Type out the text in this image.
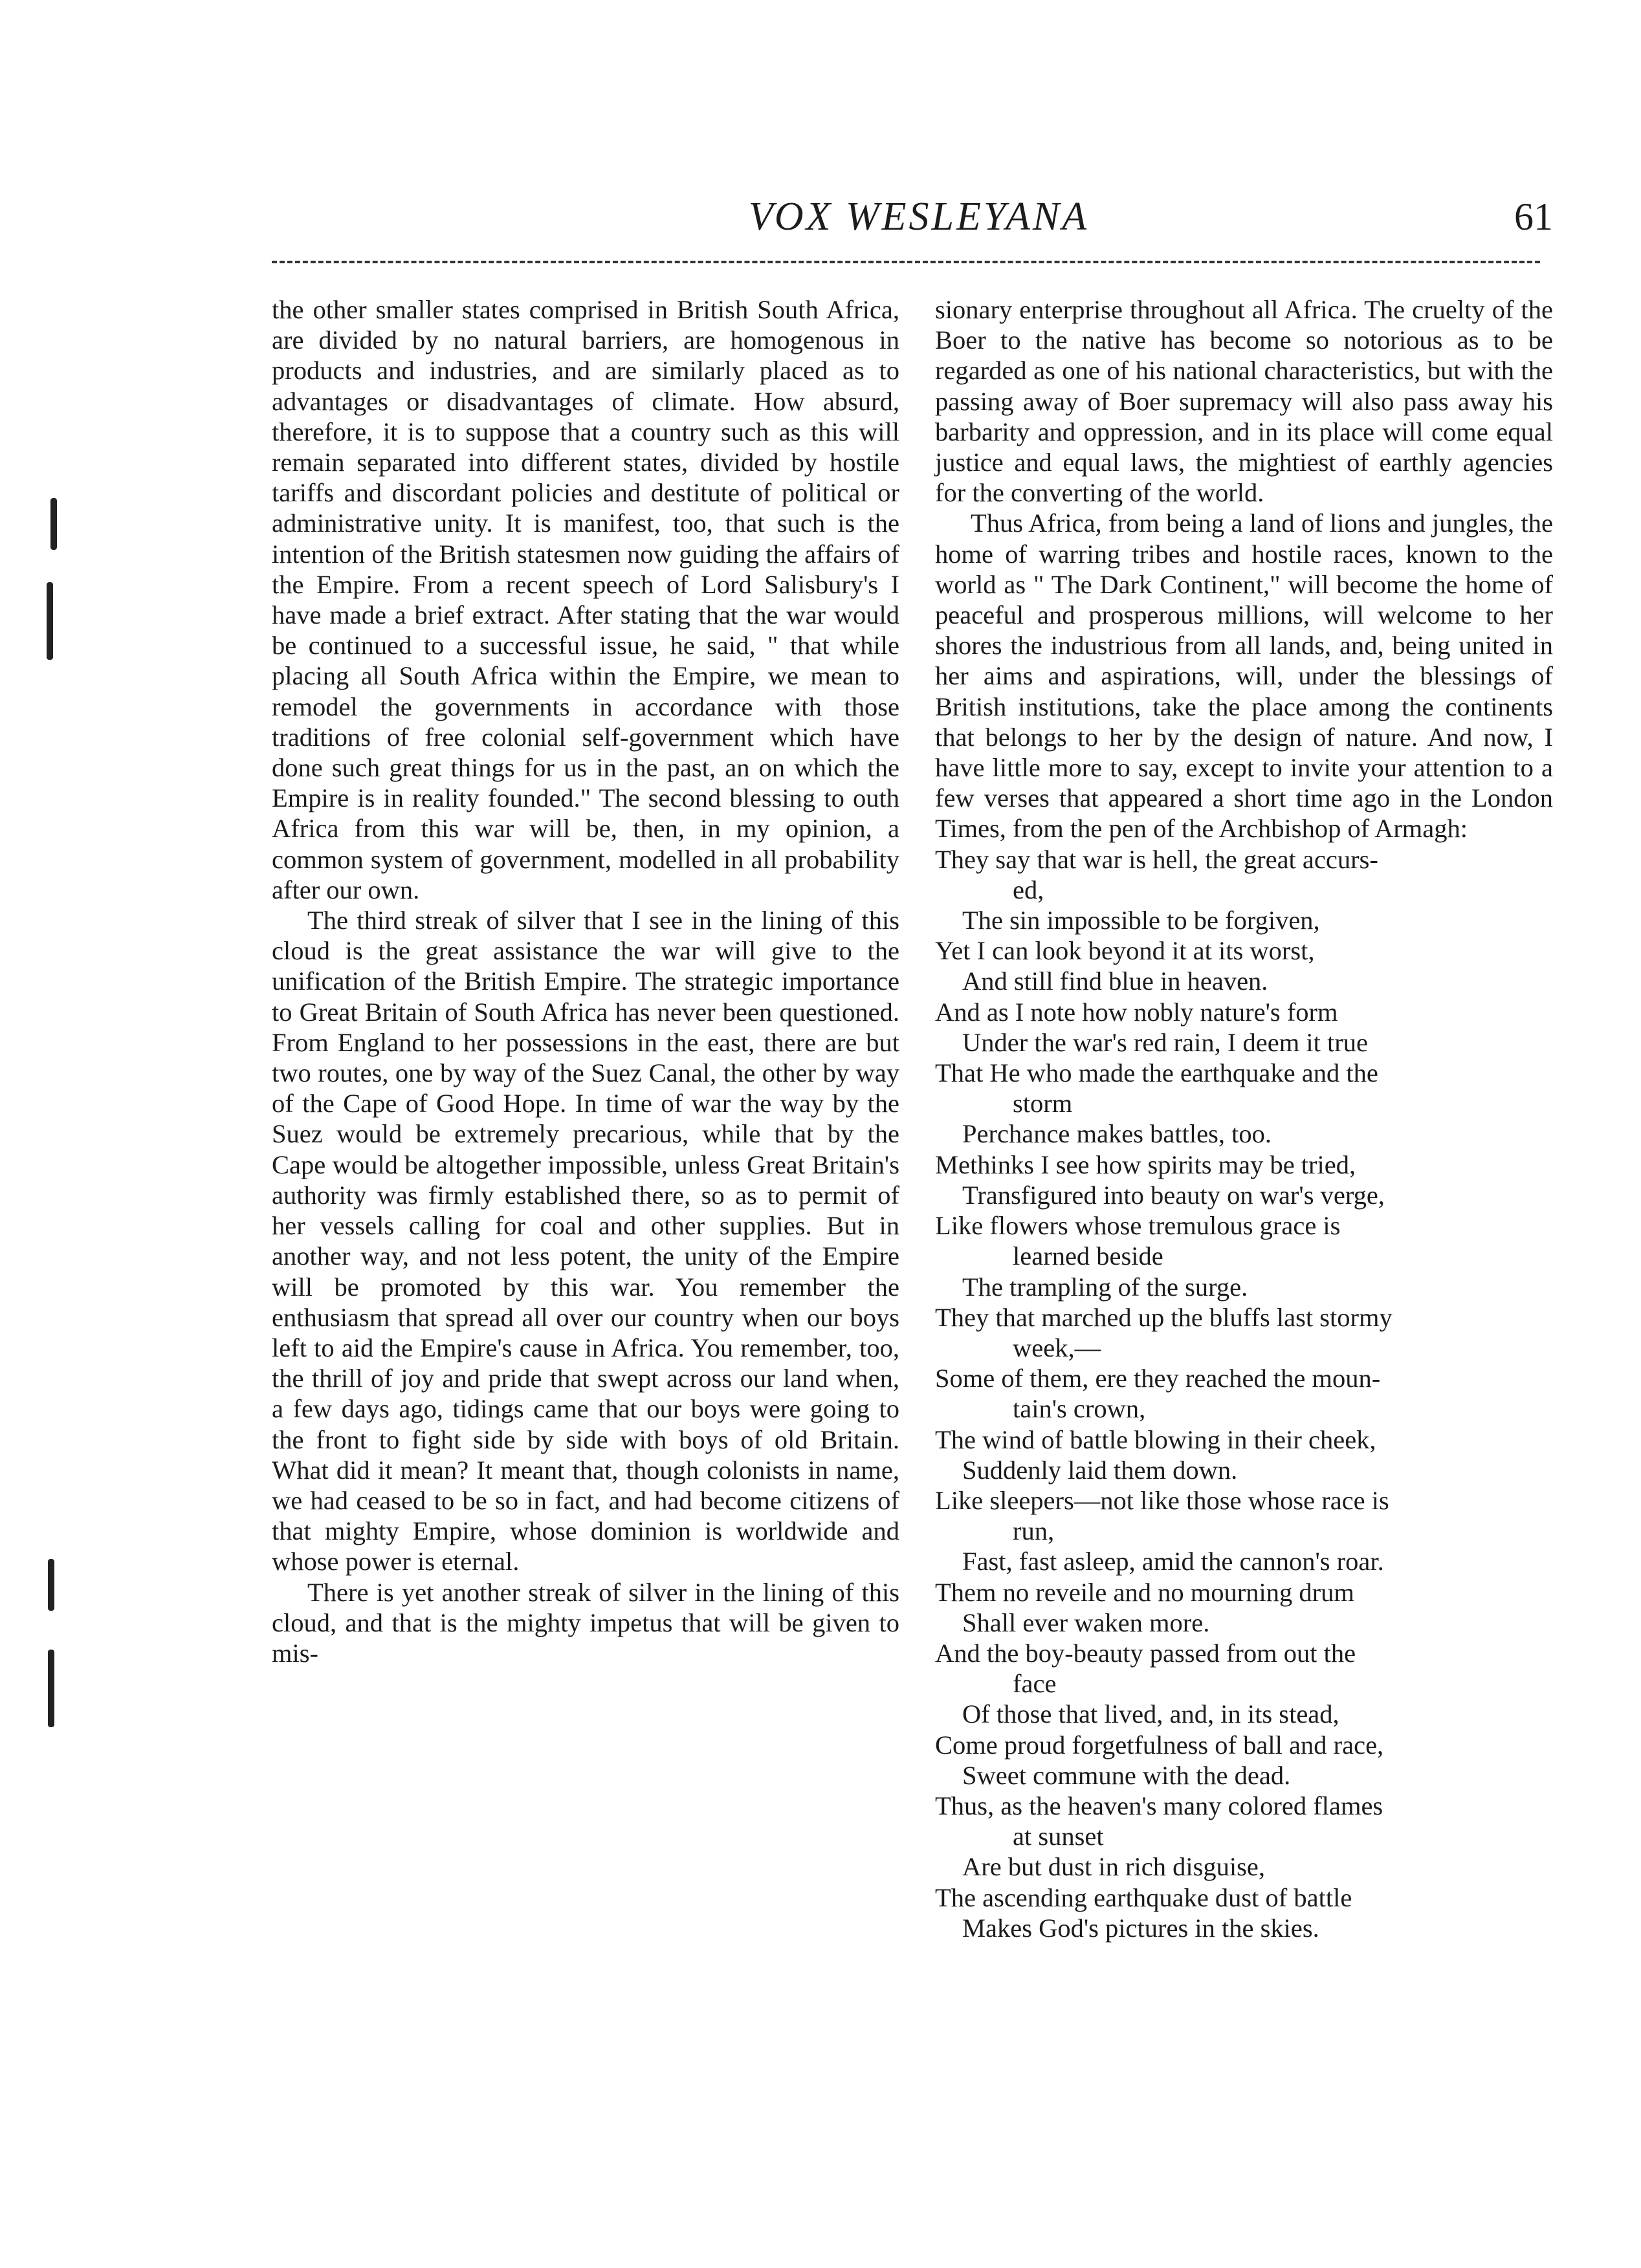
VOX WESLEYANA	61

the other smaller states comprised in British South Africa, are divided by no natural barriers, are homogenous in products and industries, and are similarly placed as to advantages or disadvantages of climate. How absurd, therefore, it is to suppose that a country such as this will remain separated into different states, divided by hostile tariffs and discordant policies and destitute of political or administrative unity. It is manifest, too, that such is the intention of the British statesmen now guiding the affairs of the Empire. From a recent speech of Lord Salisbury's I have made a brief extract. After stating that the war would be continued to a successful issue, he said, " that while placing all South Africa within the Empire, we mean to remodel the governments in accordance with those traditions of free colonial self-government which have done such great things for us in the past, an on which the Empire is in reality founded." The second blessing to outh Africa from this war will be, then, in my opinion, a common system of government, modelled in all probability after our own.

The third streak of silver that I see in the lining of this cloud is the great assistance the war will give to the unification of the British Empire. The strategic importance to Great Britain of South Africa has never been questioned. From England to her possessions in the east, there are but two routes, one by way of the Suez Canal, the other by way of the Cape of Good Hope. In time of war the way by the Suez would be extremely precarious, while that by the Cape would be altogether impossible, unless Great Britain's authority was firmly established there, so as to permit of her vessels calling for coal and other supplies. But in another way, and not less potent, the unity of the Empire will be promoted by this war. You remember the enthusiasm that spread all over our country when our boys left to aid the Empire's cause in Africa. You remember, too, the thrill of joy and pride that swept across our land when, a few days ago, tidings came that our boys were going to the front to fight side by side with boys of old Britain. What did it mean? It meant that, though colonists in name, we had ceased to be so in fact, and had become citizens of that mighty Empire, whose dominion is worldwide and whose power is eternal.

There is yet another streak of silver in the lining of this cloud, and that is the mighty impetus that will be given to mis-

sionary enterprise throughout all Africa. The cruelty of the Boer to the native has become so notorious as to be regarded as one of his national characteristics, but with the passing away of Boer supremacy will also pass away his barbarity and oppression, and in its place will come equal justice and equal laws, the mightiest of earthly agencies for the converting of the world.

Thus Africa, from being a land of lions and jungles, the home of warring tribes and hostile races, known to the world as " The Dark Continent," will become the home of peaceful and prosperous millions, will welcome to her shores the industrious from all lands, and, being united in her aims and aspirations, will, under the blessings of British institutions, take the place among the continents that belongs to her by the design of nature. And now, I have little more to say, except to invite your attention to a few verses that appeared a short time ago in the London Times, from the pen of the Archbishop of Armagh:

They say that war is hell, the great accurs-
ed,
The sin impossible to be forgiven,
Yet I can look beyond it at its worst,
And still find blue in heaven.
And as I note how nobly nature's form
Under the war's red rain, I deem it true
That He who made the earthquake and the
storm
Perchance makes battles, too.
Methinks I see how spirits may be tried,
Transfigured into beauty on war's verge,
Like flowers whose tremulous grace is
learned beside
The trampling of the surge.
They that marched up the bluffs last stormy
week,—
Some of them, ere they reached the moun-
tain's crown,
The wind of battle blowing in their cheek,
Suddenly laid them down.
Like sleepers—not like those whose race is
run,
Fast, fast asleep, amid the cannon's roar.
Them no reveile and no mourning drum
Shall ever waken more.
And the boy-beauty passed from out the
face
Of those that lived, and, in its stead,
Come proud forgetfulness of ball and race,
Sweet commune with the dead.
Thus, as the heaven's many colored flames
at sunset
Are but dust in rich disguise,
The ascending earthquake dust of battle
Makes God's pictures in the skies.
